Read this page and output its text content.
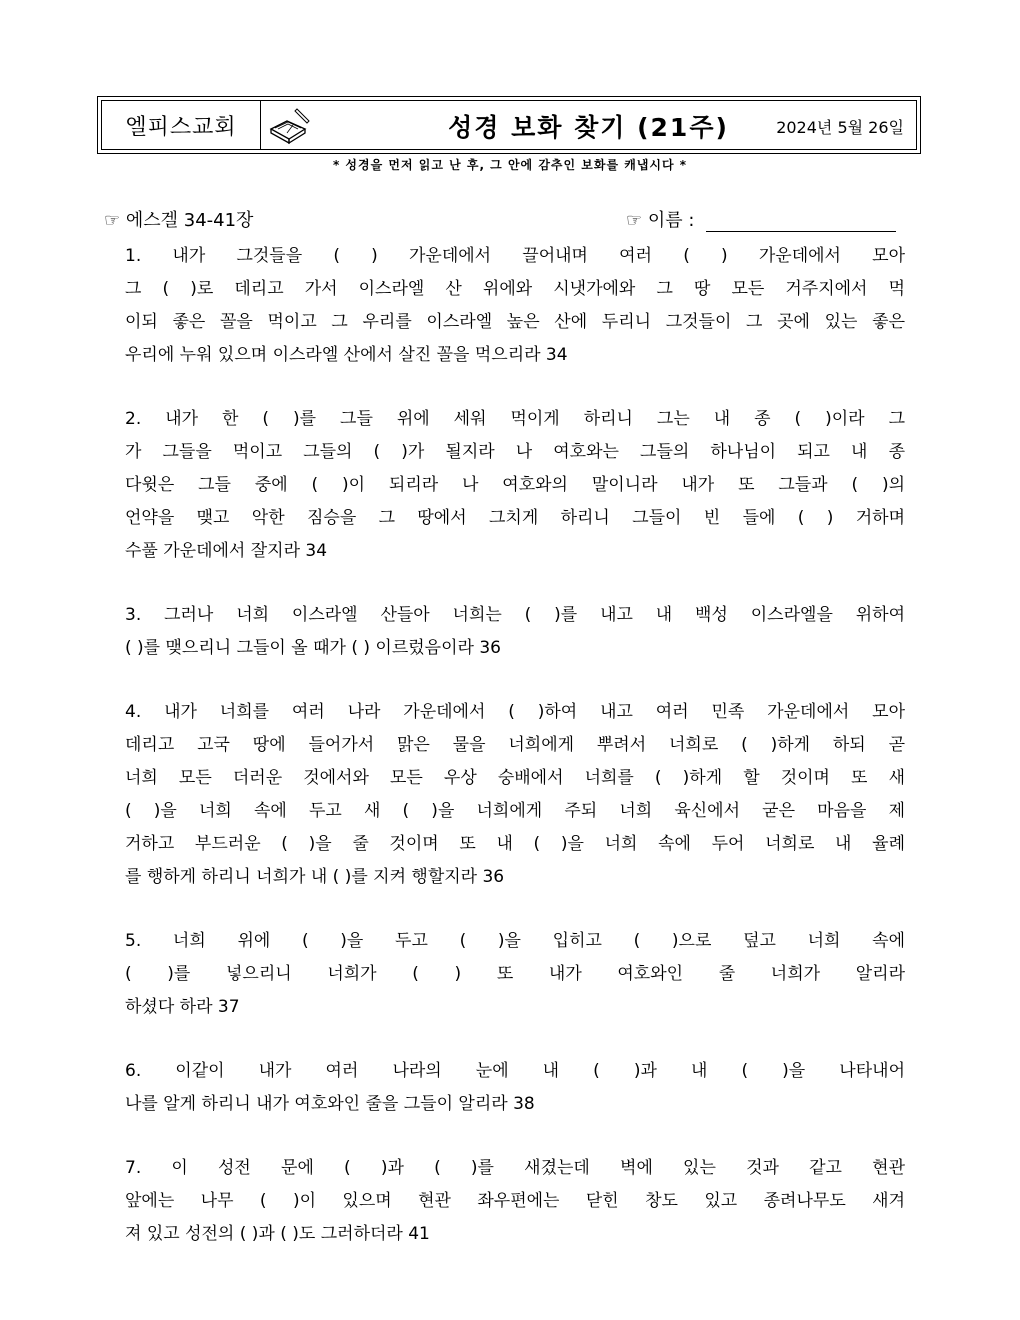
엘피스교회	성경 보화 찾기 (21주)	2024년 5월 26일
* 성경을 먼저 읽고 난 후, 그 안에 감추인 보화를 캐냅시다 *
☞ 에스겔 34-41장	☞ 이름 :
1. 내가 그것들을 ( ) 가운데에서 끌어내며 여러 ( ) 가운데에서 모아
그 ( )로 데리고 가서 이스라엘 산 위에와 시냇가에와 그 땅 모든 거주지에서 먹
이되 좋은 꼴을 먹이고 그 우리를 이스라엘 높은 산에 두리니 그것들이 그 곳에 있는 좋은
우리에 누워 있으며 이스라엘 산에서 살진 꼴을 먹으리라 34
2. 내가 한 ( )를 그들 위에 세워 먹이게 하리니 그는 내 종 ( )이라 그
가 그들을 먹이고 그들의 ( )가 될지라 나 여호와는 그들의 하나님이 되고 내 종
다윗은 그들 중에 ( )이 되리라 나 여호와의 말이니라 내가 또 그들과 ( )의
언약을 맺고 악한 짐승을 그 땅에서 그치게 하리니 그들이 빈 들에 ( ) 거하며
수풀 가운데에서 잘지라 34
3. 그러나 너희 이스라엘 산들아 너희는 ( )를 내고 내 백성 이스라엘을 위하여
( )를 맺으리니 그들이 올 때가 ( ) 이르렀음이라 36
4. 내가 너희를 여러 나라 가운데에서 ( )하여 내고 여러 민족 가운데에서 모아
데리고 고국 땅에 들어가서 맑은 물을 너희에게 뿌려서 너희로 ( )하게 하되 곧
너희 모든 더러운 것에서와 모든 우상 숭배에서 너희를 ( )하게 할 것이며 또 새
( )을 너희 속에 두고 새 ( )을 너희에게 주되 너희 육신에서 굳은 마음을 제
거하고 부드러운 ( )을 줄 것이며 또 내 ( )을 너희 속에 두어 너희로 내 율례
를 행하게 하리니 너희가 내 ( )를 지켜 행할지라 36
5. 너희 위에 ( )을 두고 ( )을 입히고 ( )으로 덮고 너희 속에
( )를 넣으리니 너희가 ( ) 또 내가 여호와인 줄 너희가 알리라
하셨다 하라 37
6. 이같이 내가 여러 나라의 눈에 내 ( )과 내 ( )을 나타내어
나를 알게 하리니 내가 여호와인 줄을 그들이 알리라 38
7. 이 성전 문에 ( )과 ( )를 새겼는데 벽에 있는 것과 같고 현관
앞에는 나무 ( )이 있으며 현관 좌우편에는 닫힌 창도 있고 종려나무도 새겨
져 있고 성전의 ( )과 ( )도 그러하더라 41
